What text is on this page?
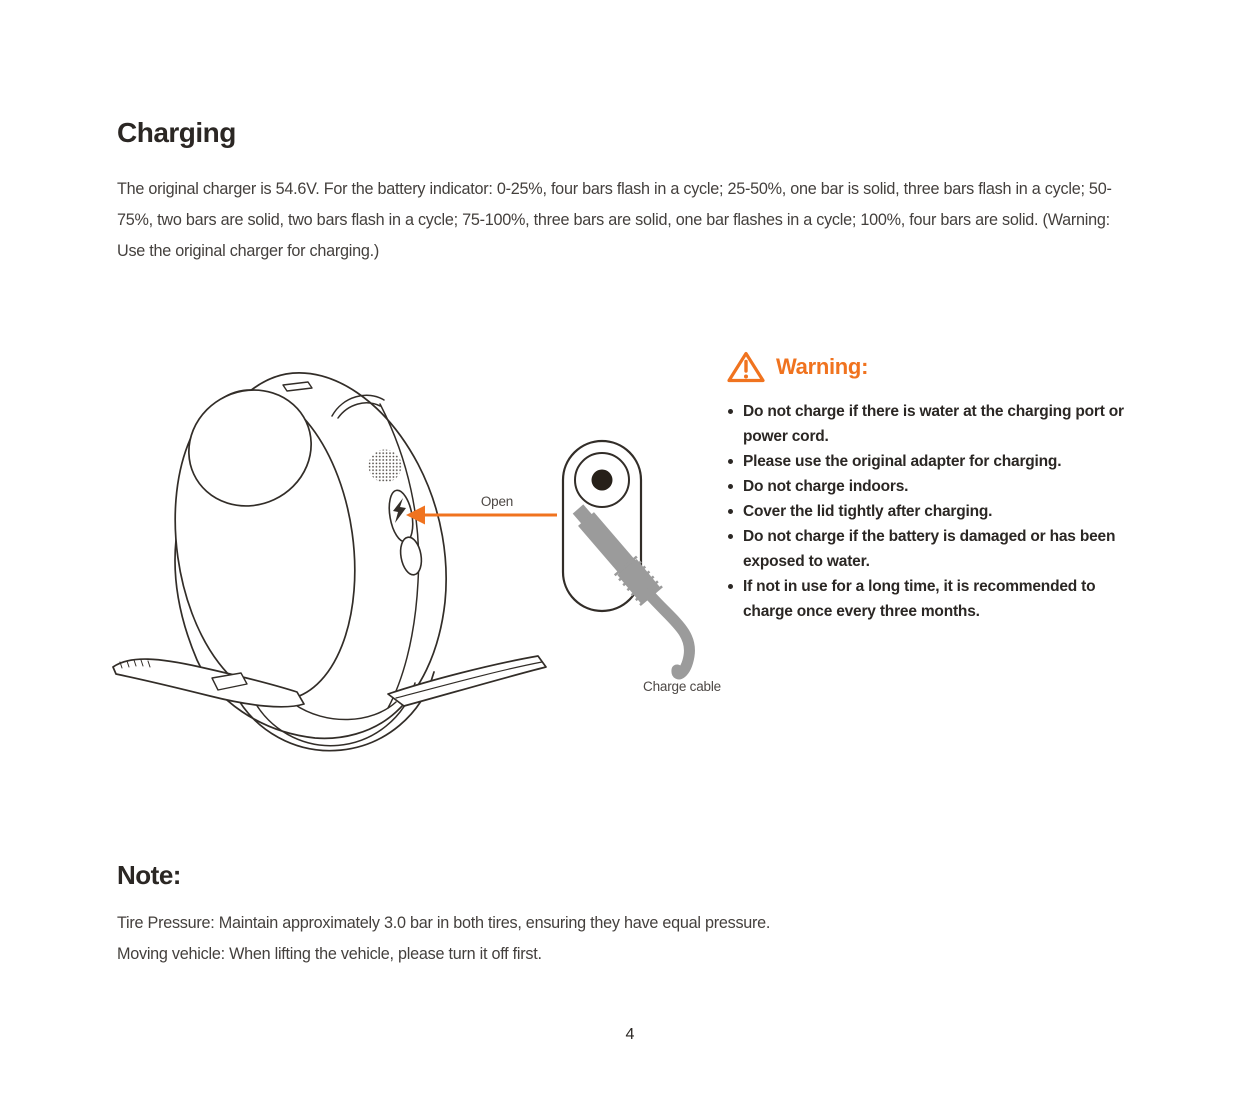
Charging

The original charger is 54.6V. For the battery indicator: 0-25%, four bars flash in a cycle; 25-50%, one bar is solid, three bars flash in a cycle; 50-75%, two bars are solid, two bars flash in a cycle; 75-100%, three bars are solid, one bar flashes in a cycle; 100%, four bars are solid. (Warning: Use the original charger for charging.)

Open
Charge cable
Warning:
Do not charge if there is water at the charging port or power cord.
Please use the original adapter for charging.
Do not charge indoors.
Cover the lid tightly after charging.
Do not charge if the battery is damaged or has been exposed to water.
If not in use for a long time, it is recommended to charge once every three months.
Note:

Tire Pressure: Maintain approximately 3.0 bar in both tires, ensuring they have equal pressure.

Moving vehicle: When lifting the vehicle, please turn it off first.

4
